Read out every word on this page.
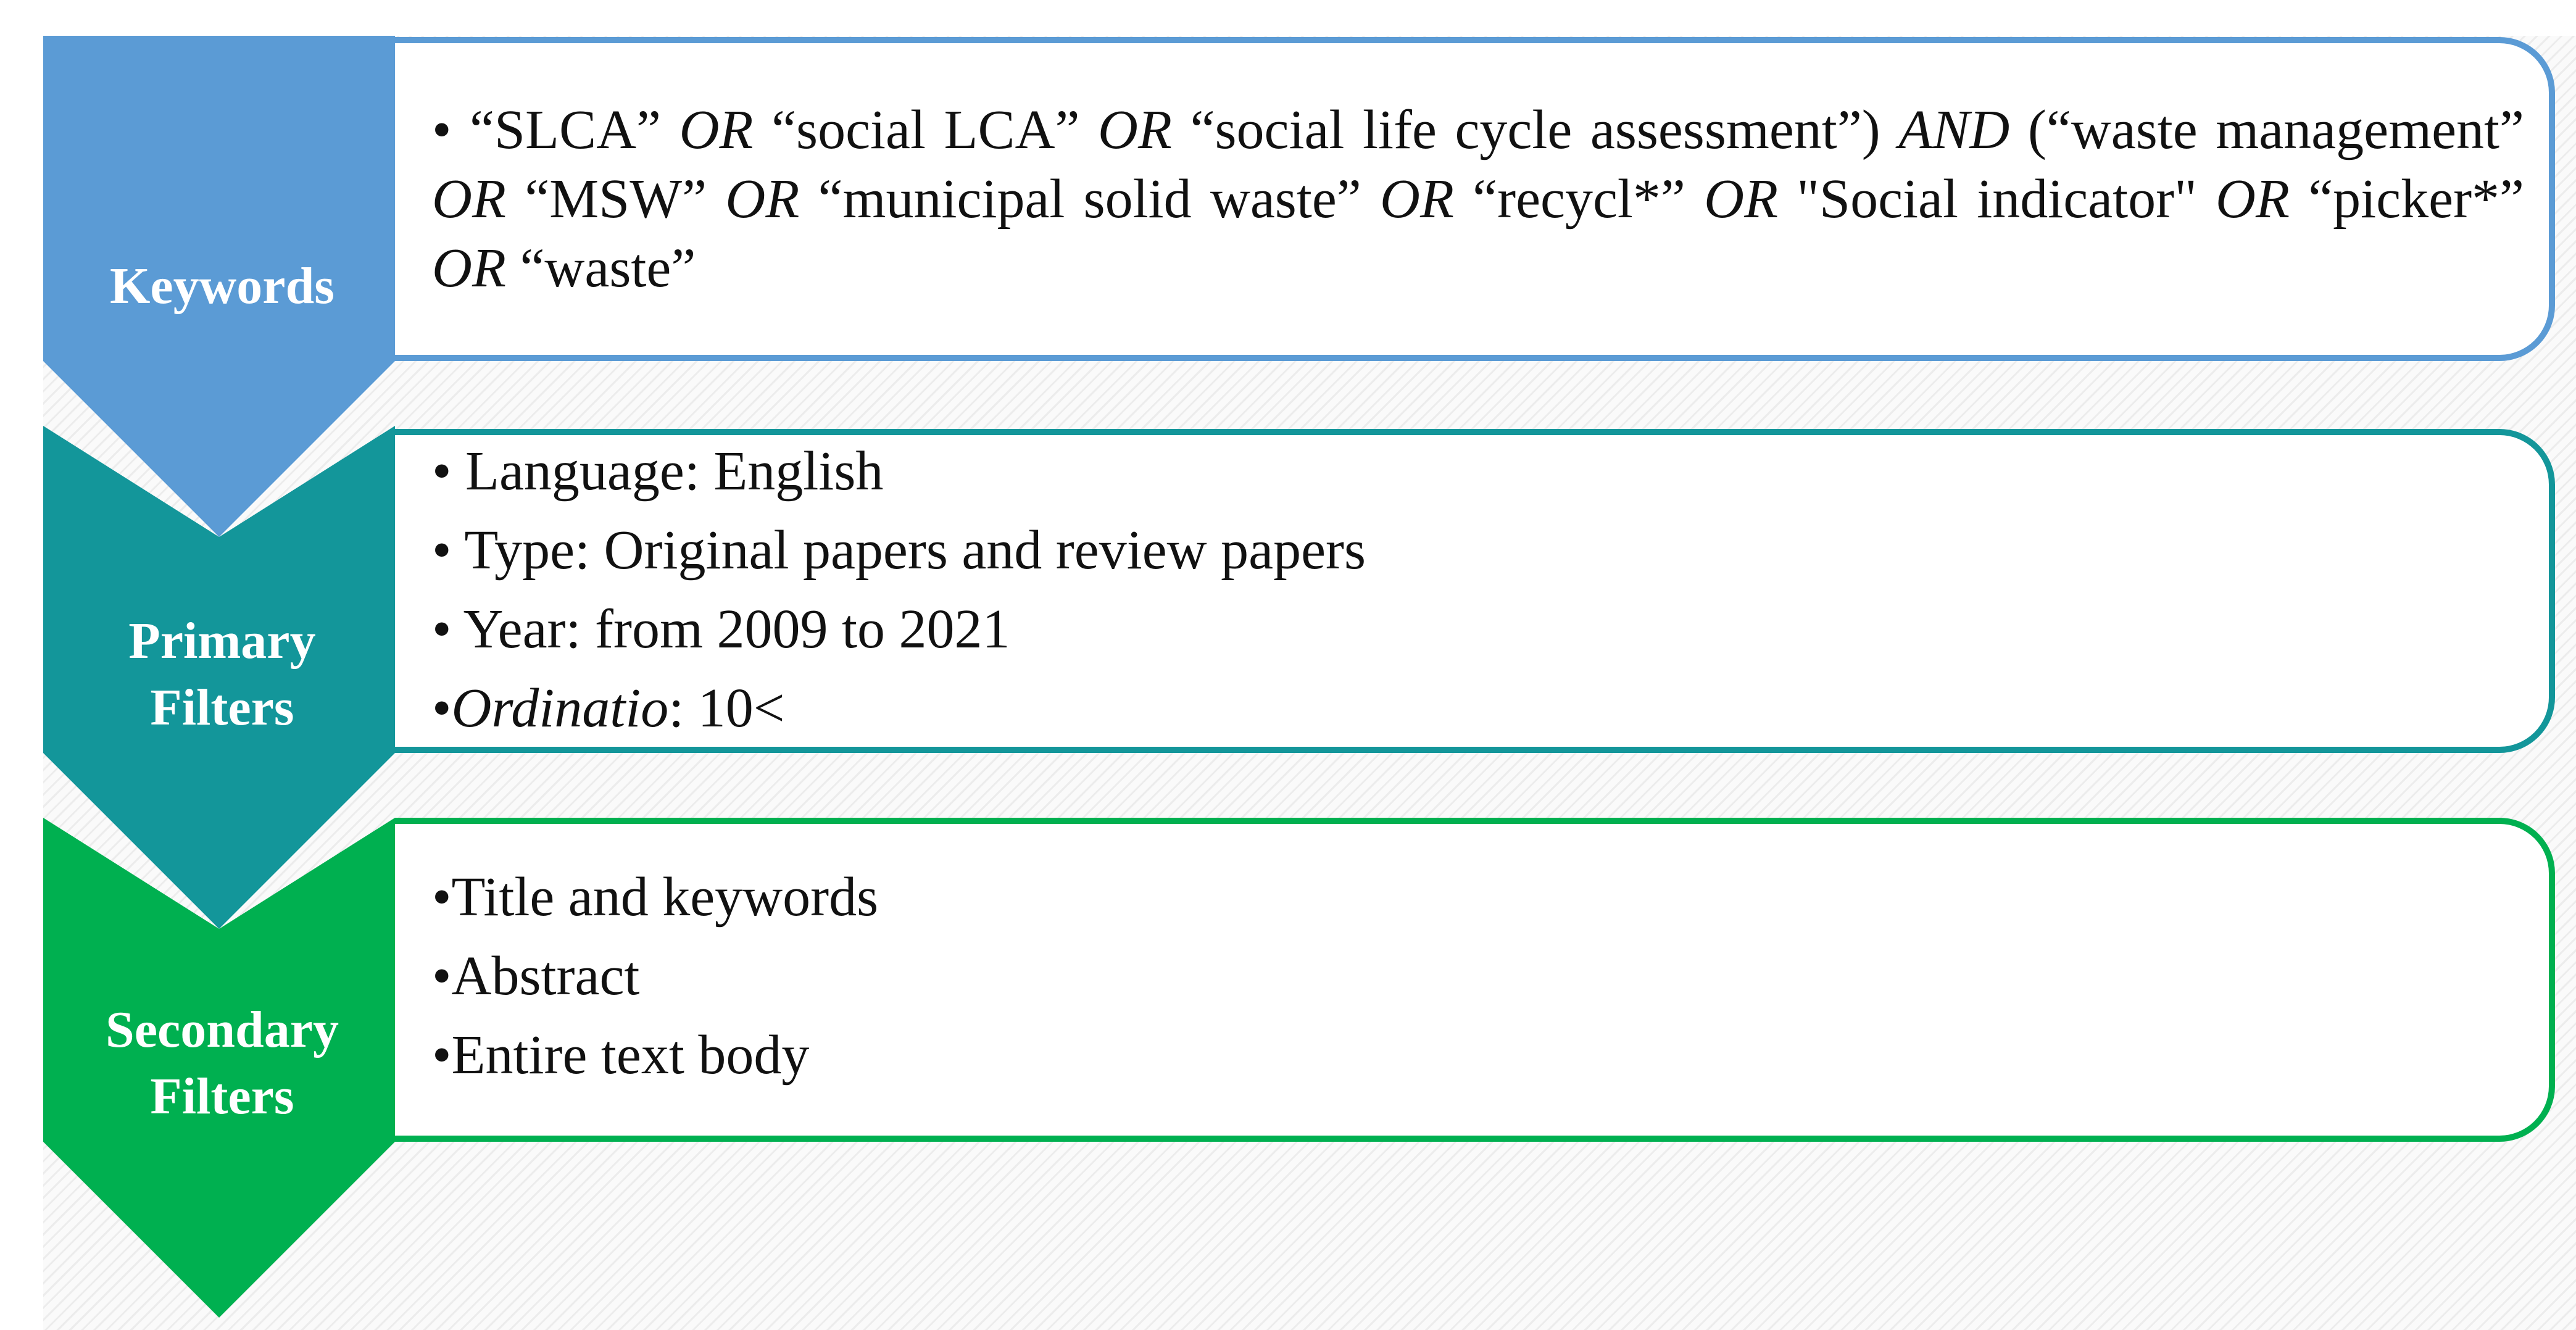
Keywords
Primary
Filters
Secondary
Filters
• “SLCA” OR “social LCA” OR “social life cycle assessment”) AND (“waste management” OR “MSW” OR “municipal solid waste” OR “recycl*” OR "Social indicator" OR “picker*” OR “waste”
• Language: English
• Type: Original papers and review papers
• Year: from 2009 to 2021
•Ordinatio: 10<
•Title and keywords
•Abstract
•Entire text body
